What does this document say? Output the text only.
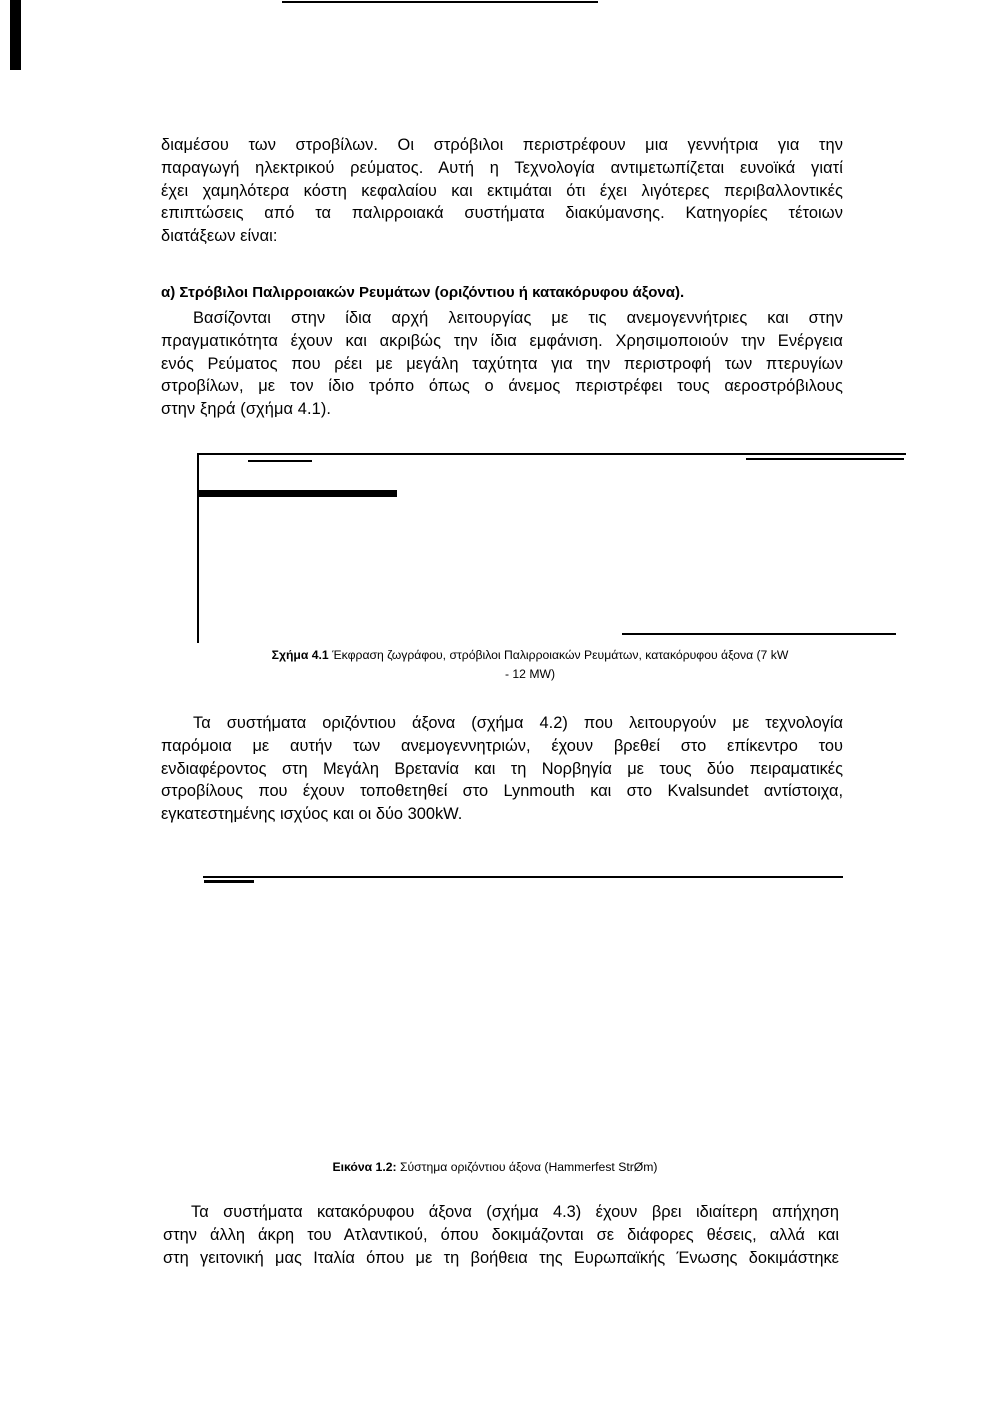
διαμέσου των στροβίλων. Οι στρόβιλοι περιστρέφουν μια γεννήτρια για την
παραγωγή ηλεκτρικού ρεύματος. Αυτή η Τεχνολογία αντιμετωπίζεται ευνοϊκά γιατί
έχει χαμηλότερα κόστη κεφαλαίου και εκτιμάται ότι έχει λιγότερες περιβαλλοντικές
επιπτώσεις από τα παλιρροιακά συστήματα διακύμανσης. Κατηγορίες τέτοιων
διατάξεων είναι:
α) Στρόβιλοι Παλιρροιακών Ρευμάτων (οριζόντιου ή κατακόρυφου άξονα).
Βασίζονται στην ίδια αρχή λειτουργίας με τις ανεμογεννήτριες και στην
πραγματικότητα έχουν και ακριβώς την ίδια εμφάνιση. Χρησιμοποιούν την Ενέργεια
ενός Ρεύματος που ρέει με μεγάλη ταχύτητα για την περιστροφή των πτερυγίων
στροβίλων, με τον ίδιο τρόπο όπως ο άνεμος περιστρέφει τους αεροστρόβιλους
στην ξηρά (σχήμα 4.1).
Σχήμα 4.1 Έκφραση ζωγράφου, στρόβιλοι Παλιρροιακών Ρευμάτων, κατακόρυφου άξονα (7 kW
- 12 MW)
Τα συστήματα οριζόντιου άξονα (σχήμα 4.2) που λειτουργούν με τεχνολογία
παρόμοια με αυτήν των ανεμογεννητριών, έχουν βρεθεί στο επίκεντρο του
ενδιαφέροντος στη Μεγάλη Βρετανία και τη Νορβηγία με τους δύο πειραματικές
στροβίλους που έχουν τοποθετηθεί στο Lynmouth και στο Kvalsundet αντίστοιχα,
εγκατεστημένης ισχύος και οι δύο 300kW.
Εικόνα 1.2: Σύστημα οριζόντιου άξονα (Hammerfest StrØm)
Τα συστήματα κατακόρυφου άξονα (σχήμα 4.3) έχουν βρει ιδιαίτερη απήχηση
στην άλλη άκρη του Ατλαντικού, όπου δοκιμάζονται σε διάφορες θέσεις, αλλά και
στη γειτονική μας Ιταλία όπου με τη βοήθεια της Ευρωπαϊκής Ένωσης δοκιμάστηκε
